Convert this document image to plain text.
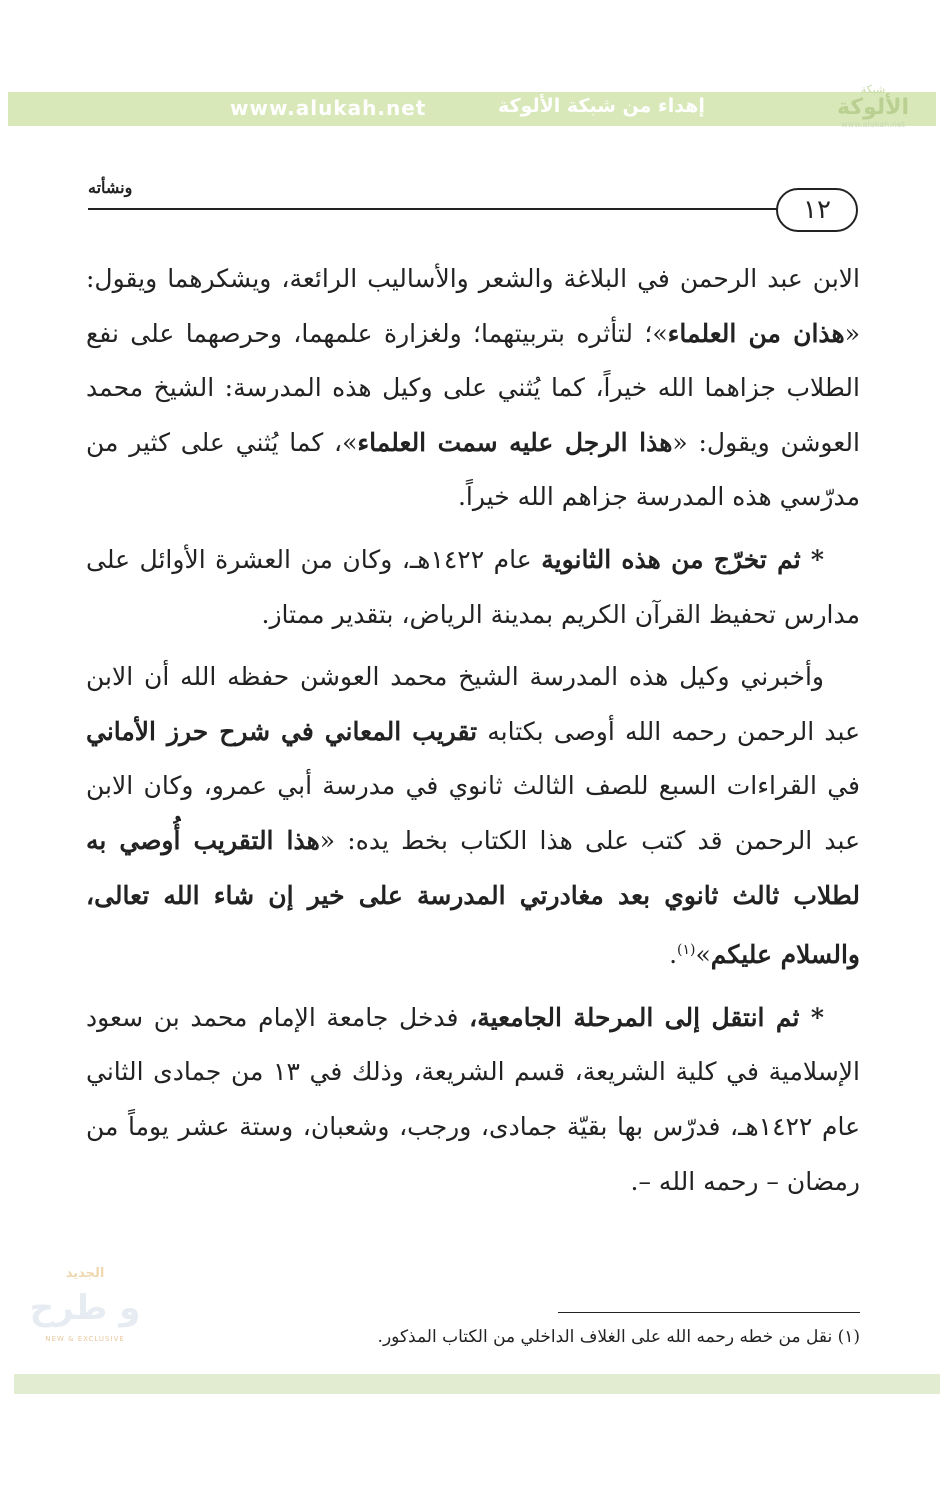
www.alukah.net	إهداء من شبكة الألوكة
شبكة
الألوكة
www.alukah.net
ونشأته
١٢

الابن عبد الرحمن في البلاغة والشعر والأساليب الرائعة، ويشكرهما ويقول: «هذان من العلماء»؛ لتأثره بتربيتهما؛ ولغزارة علمهما، وحرصهما على نفع الطلاب جزاهما الله خيراً، كما يُثني على وكيل هذه المدرسة: الشيخ محمد العوشن ويقول: «هذا الرجل عليه سمت العلماء»، كما يُثني على كثير من مدرّسي هذه المدرسة جزاهم الله خيراً.

* ثم تخرّج من هذه الثانوية عام ١٤٢٢هـ، وكان من العشرة الأوائل على مدارس تحفيظ القرآن الكريم بمدينة الرياض، بتقدير ممتاز.

وأخبرني وكيل هذه المدرسة الشيخ محمد العوشن حفظه الله أن الابن عبد الرحمن رحمه الله أوصى بكتابه تقريب المعاني في شرح حرز الأماني في القراءات السبع للصف الثالث ثانوي في مدرسة أبي عمرو، وكان الابن عبد الرحمن قد كتب على هذا الكتاب بخط يده: «هذا التقريب أُوصي به لطلاب ثالث ثانوي بعد مغادرتي المدرسة على خير إن شاء الله تعالى، والسلام عليكم»$^{(١)}$.

* ثم انتقل إلى المرحلة الجامعية، فدخل جامعة الإمام محمد بن سعود الإسلامية في كلية الشريعة، قسم الشريعة، وذلك في ١٣ من جمادى الثاني عام ١٤٢٢هـ، فدرّس بها بقيّة جمادى، ورجب، وشعبان، وستة عشر يوماً من رمضان – رحمه الله –.

(١) نقل من خطه رحمه الله على الغلاف الداخلي من الكتاب المذكور.
الجديد
و طرح
NEW & EXCLUSIVE
